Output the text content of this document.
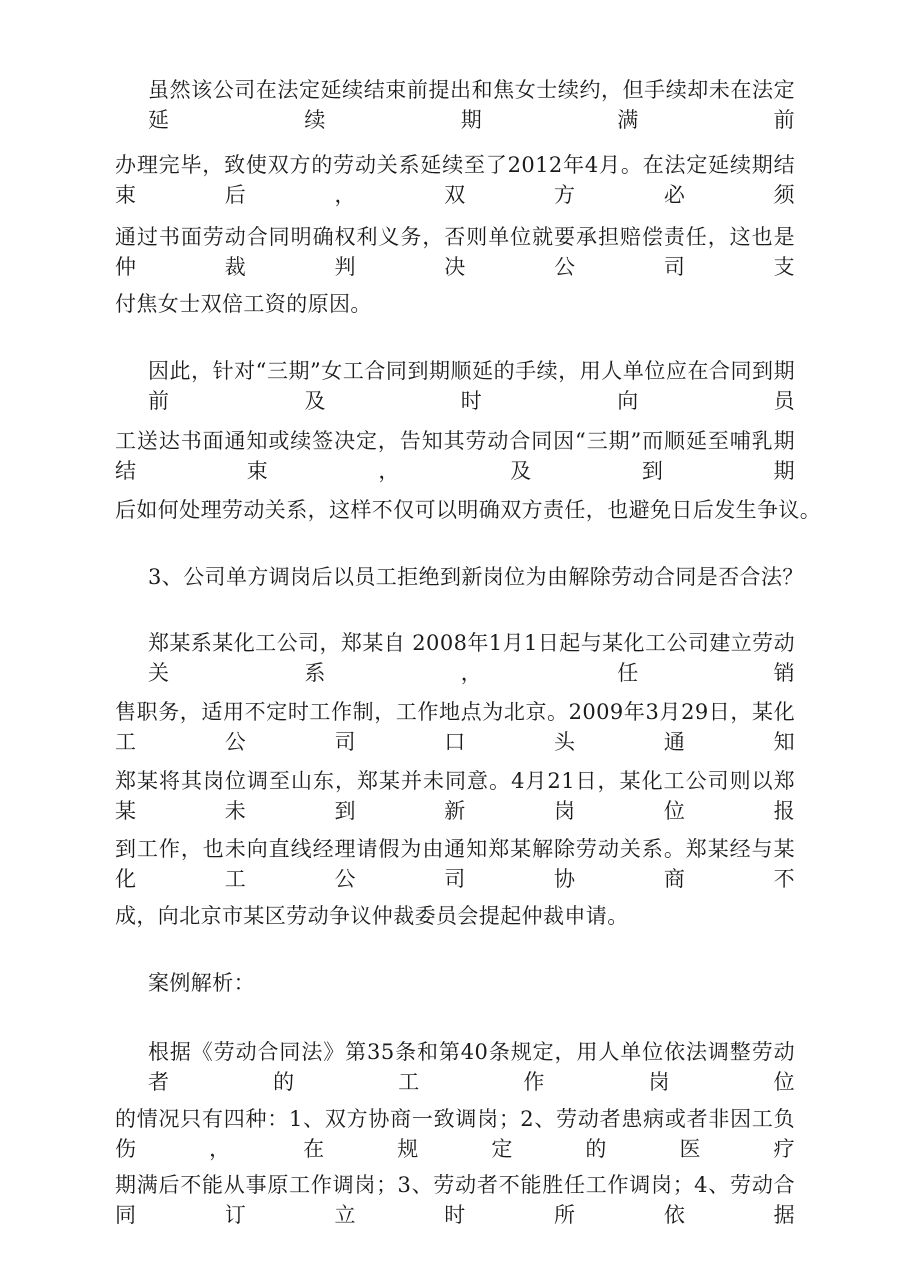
虽然该公司在法定延续结束前提出和焦女士续约，但手续却未在法定延续期满前
办理完毕，致使双方的劳动关系延续至了2012年4月。在法定延续期结束后，双方必须
通过书面劳动合同明确权利义务，否则单位就要承担赔偿责任，这也是仲裁判决公司支
付焦女士双倍工资的原因。
因此，针对“三期”女工合同到期顺延的手续，用人单位应在合同到期前及时向员
工送达书面通知或续签决定，告知其劳动合同因“三期”而顺延至哺乳期结束，及到期
后如何处理劳动关系，这样不仅可以明确双方责任，也避免日后发生争议。
3、公司单方调岗后以员工拒绝到新岗位为由解除劳动合同是否合法？
郑某系某化工公司，郑某自 2008年1月1日起与某化工公司建立劳动关系，任销
售职务，适用不定时工作制，工作地点为北京。2009年3月29日，某化工公司口头通知
郑某将其岗位调至山东，郑某并未同意。4月21日，某化工公司则以郑某未到新岗位报
到工作，也未向直线经理请假为由通知郑某解除劳动关系。郑某经与某化工公司协商不
成，向北京市某区劳动争议仲裁委员会提起仲裁申请。
案例解析：
根据《劳动合同法》第35条和第40条规定，用人单位依法调整劳动者的工作岗位
的情况只有四种：1、双方协商一致调岗；2、劳动者患病或者非因工负伤，在规定的医疗
期满后不能从事原工作调岗；3、劳动者不能胜任工作调岗；4、劳动合同订立时所依据
